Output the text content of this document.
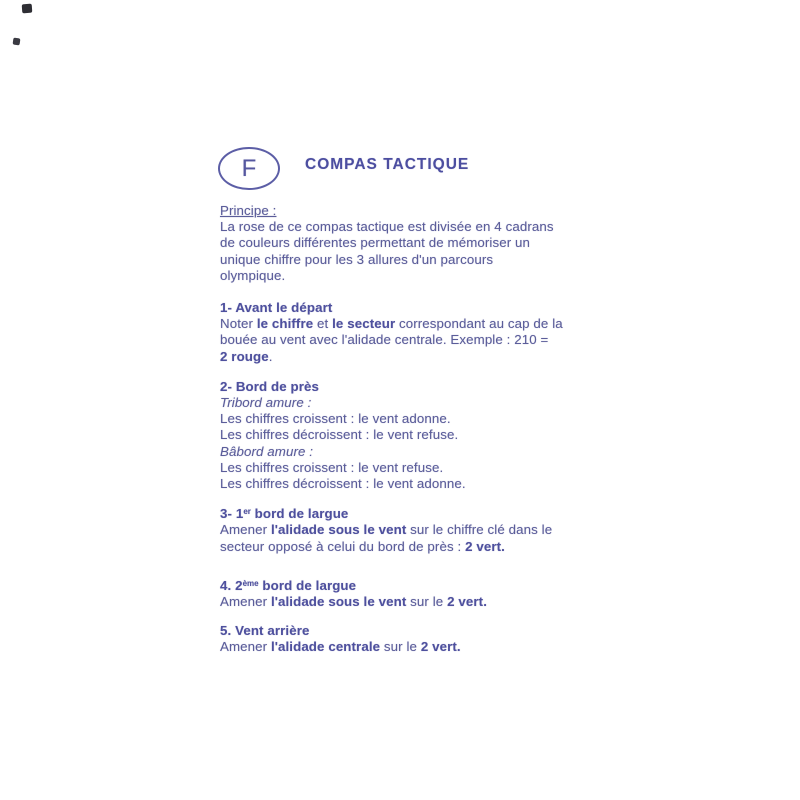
F	COMPAS TACTIQUE
Principe :
La rose de ce compas tactique est divisée en 4 cadrans
de couleurs différentes permettant de mémoriser un
unique chiffre pour les 3 allures d'un parcours
olympique.
1- Avant le départ
Noter le chiffre et le secteur correspondant au cap de la
bouée au vent avec l'alidade centrale. Exemple : 210 =
2 rouge.
2- Bord de près
Tribord amure :
Les chiffres croissent : le vent adonne.
Les chiffres décroissent : le vent refuse.
Bâbord amure :
Les chiffres croissent : le vent refuse.
Les chiffres décroissent : le vent adonne.
3- 1er bord de largue
Amener l'alidade sous le vent sur le chiffre clé dans le
secteur opposé à celui du bord de près : 2 vert.
4. 2ème bord de largue
Amener l'alidade sous le vent sur le 2 vert.
5. Vent arrière
Amener l'alidade centrale sur le 2 vert.
